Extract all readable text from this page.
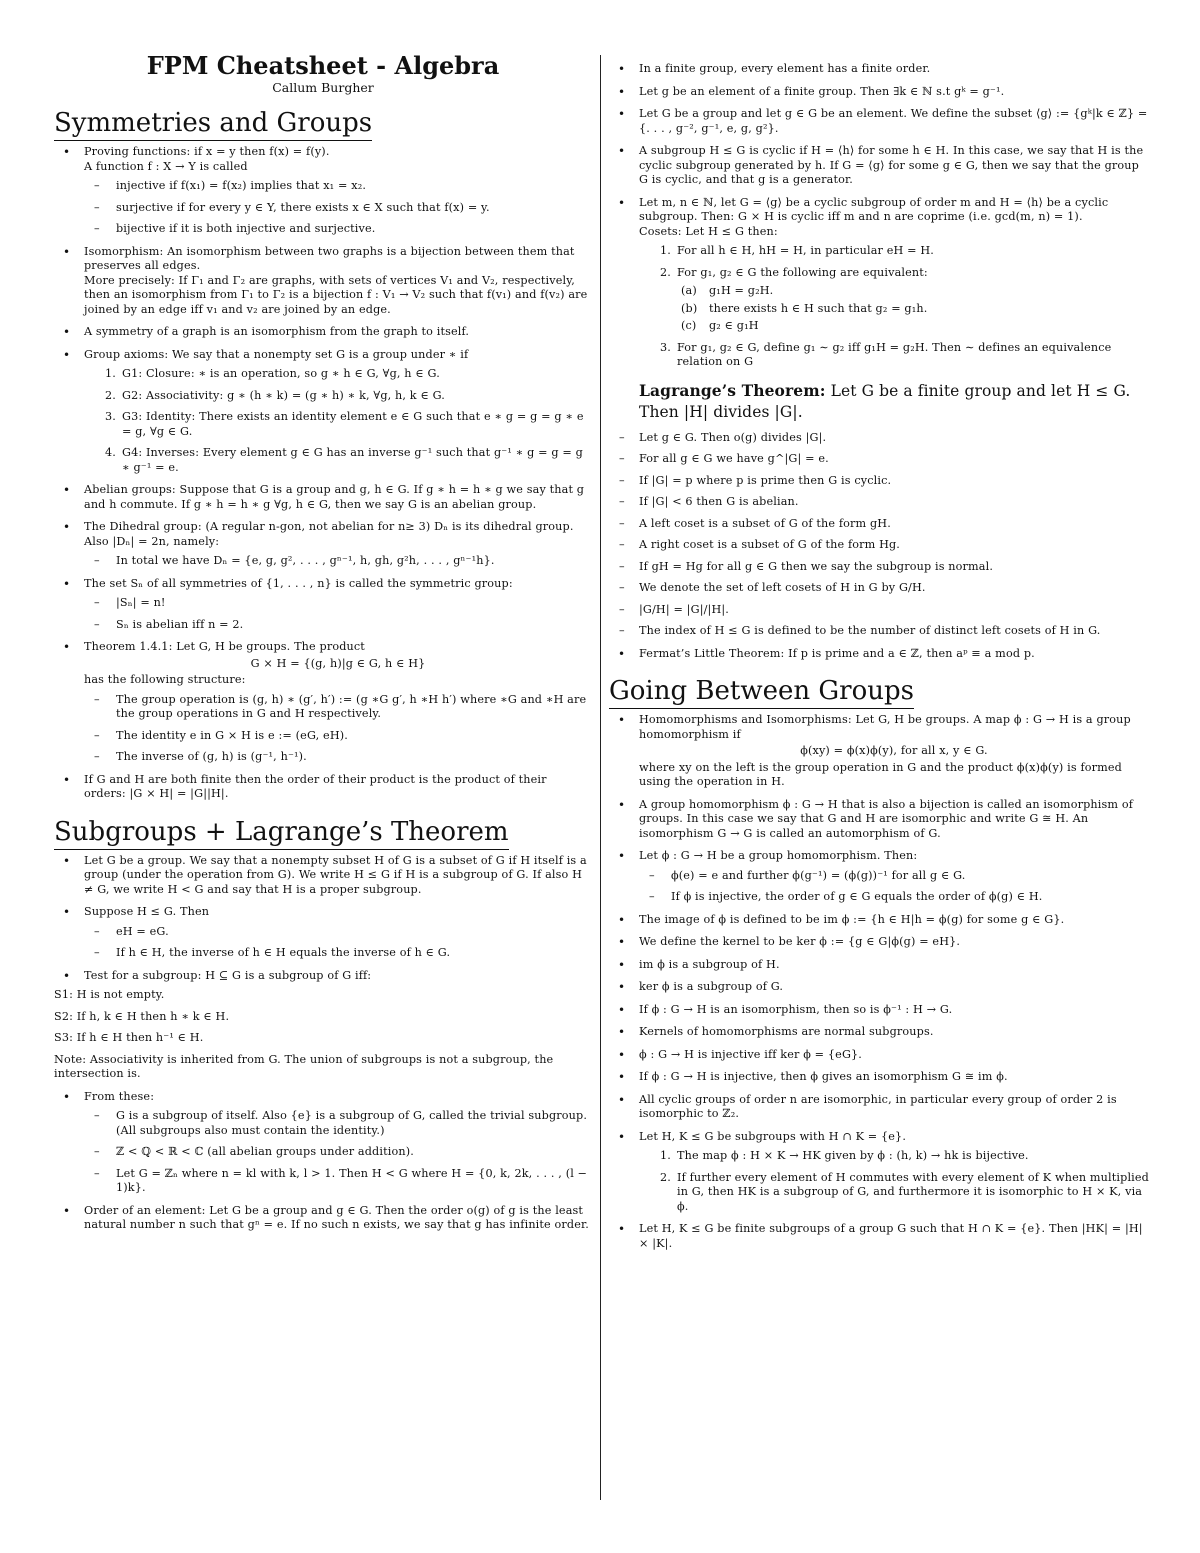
FPM Cheatsheet - Algebra

Callum Burgher

Symmetries and Groups
• Proving functions: if x = y then f(x) = f(y).
A function f : X → Y is called
– injective if f(x₁) = f(x₂) implies that x₁ = x₂.
– surjective if for every y ∈ Y, there exists x ∈ X such that f(x) = y.
– bijective if it is both injective and surjective.
• Isomorphism: An isomorphism between two graphs is a bijection between them that preserves all edges.
More precisely: If Γ₁ and Γ₂ are graphs, with sets of vertices V₁ and V₂, respectively, then an isomorphism from Γ₁ to Γ₂ is a bijection f : V₁ → V₂ such that f(v₁) and f(v₂) are joined by an edge iff v₁ and v₂ are joined by an edge.
• A symmetry of a graph is an isomorphism from the graph to itself.
• Group axioms: We say that a nonempty set G is a group under ∗ if
1. G1: Closure: ∗ is an operation, so g ∗ h ∈ G, ∀g, h ∈ G.
2. G2: Associativity: g ∗ (h ∗ k) = (g ∗ h) ∗ k, ∀g, h, k ∈ G.
3. G3: Identity: There exists an identity element e ∈ G such that e ∗ g = g = g ∗ e = g, ∀g ∈ G.
4. G4: Inverses: Every element g ∈ G has an inverse g⁻¹ such that g⁻¹ ∗ g = g = g ∗ g⁻¹ = e.
• Abelian groups: Suppose that G is a group and g, h ∈ G. If g ∗ h = h ∗ g we say that g and h commute. If g ∗ h = h ∗ g ∀g, h ∈ G, then we say G is an abelian group.
• The Dihedral group: (A regular n-gon, not abelian for n≥ 3) Dₙ is its dihedral group. Also |Dₙ| = 2n, namely:
– In total we have Dₙ = {e, g, g², . . . , gⁿ⁻¹, h, gh, g²h, . . . , gⁿ⁻¹h}.
• The set Sₙ of all symmetries of {1, . . . , n} is called the symmetric group:
– |Sₙ| = n!
– Sₙ is abelian iff n = 2.
• Theorem 1.4.1: Let G, H be groups. The product
G × H = {(g, h)|g ∈ G, h ∈ H}
has the following structure:
– The group operation is (g, h) ∗ (g′, h′) := (g ∗G g′, h ∗H h′) where ∗G and ∗H are the group operations in G and H respectively.
– The identity e in G × H is e := (eG, eH).
– The inverse of (g, h) is (g⁻¹, h⁻¹).
• If G and H are both finite then the order of their product is the product of their orders: |G × H| = |G||H|.
Subgroups + Lagrange’s Theorem
• Let G be a group. We say that a nonempty subset H of G is a subset of G if H itself is a group (under the operation from G). We write H ≤ G if H is a subgroup of G. If also H ≠ G, we write H < G and say that H is a proper subgroup.
• Suppose H ≤ G. Then
– eH = eG.
– If h ∈ H, the inverse of h ∈ H equals the inverse of h ∈ G.
• Test for a subgroup: H ⊆ G is a subgroup of G iff:
S1: H is not empty.
S2: If h, k ∈ H then h ∗ k ∈ H.
S3: If h ∈ H then h⁻¹ ∈ H.
Note: Associativity is inherited from G. The union of subgroups is not a subgroup, the intersection is.
• From these:
– G is a subgroup of itself. Also {e} is a subgroup of G, called the trivial subgroup. (All subgroups also must contain the identity.)
– ℤ < ℚ < ℝ < ℂ (all abelian groups under addition).
– Let G = ℤₙ where n = kl with k, l > 1. Then H < G where H = {0, k, 2k, . . . , (l − 1)k}.
• Order of an element: Let G be a group and g ∈ G. Then the order o(g) of g is the least natural number n such that gⁿ = e. If no such n exists, we say that g has infinite order.
• In a finite group, every element has a finite order.
• Let g be an element of a finite group. Then ∃k ∈ ℕ s.t gᵏ = g⁻¹.
• Let G be a group and let g ∈ G be an element. We define the subset ⟨g⟩ := {gᵏ|k ∈ ℤ} = {. . . , g⁻², g⁻¹, e, g, g²}.
• A subgroup H ≤ G is cyclic if H = ⟨h⟩ for some h ∈ H. In this case, we say that H is the cyclic subgroup generated by h. If G = ⟨g⟩ for some g ∈ G, then we say that the group G is cyclic, and that g is a generator.
• Let m, n ∈ ℕ, let G = ⟨g⟩ be a cyclic subgroup of order m and H = ⟨h⟩ be a cyclic subgroup. Then: G × H is cyclic iff m and n are coprime (i.e. gcd(m, n) = 1).
Cosets: Let H ≤ G then:
1. For all h ∈ H, hH = H, in particular eH = H.
2. For g₁, g₂ ∈ G the following are equivalent:
(a)	g₁H = g₂H.
(b)	there exists h ∈ H such that g₂ = g₁h.
(c)	g₂ ∈ g₁H
3. For g₁, g₂ ∈ G, define g₁ ∼ g₂ iff g₁H = g₂H. Then ∼ defines an equivalence relation on G
Lagrange’s Theorem: Let G be a finite group and let H ≤ G. Then |H| divides |G|.
– Let g ∈ G. Then o(g) divides |G|.
– For all g ∈ G we have g^|G| = e.
– If |G| = p where p is prime then G is cyclic.
– If |G| < 6 then G is abelian.
– A left coset is a subset of G of the form gH.
– A right coset is a subset of G of the form Hg.
– If gH = Hg for all g ∈ G then we say the subgroup is normal.
– We denote the set of left cosets of H in G by G/H.
– |G/H| = |G|/|H|.
– The index of H ≤ G is defined to be the number of distinct left cosets of H in G.
• Fermat’s Little Theorem: If p is prime and a ∈ ℤ, then aᵖ ≡ a mod p.
Going Between Groups
• Homomorphisms and Isomorphisms: Let G, H be groups. A map ϕ : G → H is a group homomorphism if
ϕ(xy) = ϕ(x)ϕ(y), for all x, y ∈ G.
where xy on the left is the group operation in G and the product ϕ(x)ϕ(y) is formed using the operation in H.
• A group homomorphism ϕ : G → H that is also a bijection is called an isomorphism of groups. In this case we say that G and H are isomorphic and write G ≅ H. An isomorphism G → G is called an automorphism of G.
• Let ϕ : G → H be a group homomorphism. Then:
– ϕ(e) = e and further ϕ(g⁻¹) = (ϕ(g))⁻¹ for all g ∈ G.
– If ϕ is injective, the order of g ∈ G equals the order of ϕ(g) ∈ H.
• The image of ϕ is defined to be im ϕ := {h ∈ H|h = ϕ(g) for some g ∈ G}.
• We define the kernel to be ker ϕ := {g ∈ G|ϕ(g) = eH}.
• im ϕ is a subgroup of H.
• ker ϕ is a subgroup of G.
• If ϕ : G → H is an isomorphism, then so is ϕ⁻¹ : H → G.
• Kernels of homomorphisms are normal subgroups.
• ϕ : G → H is injective iff ker ϕ = {eG}.
• If ϕ : G → H is injective, then ϕ gives an isomorphism G ≅ im ϕ.
• All cyclic groups of order n are isomorphic, in particular every group of order 2 is isomorphic to ℤ₂.
• Let H, K ≤ G be subgroups with H ∩ K = {e}.
1. The map ϕ : H × K → HK given by ϕ : (h, k) → hk is bijective.
2. If further every element of H commutes with every element of K when multiplied in G, then HK is a subgroup of G, and furthermore it is isomorphic to H × K, via ϕ.
• Let H, K ≤ G be finite subgroups of a group G such that H ∩ K = {e}. Then |HK| = |H| × |K|.
